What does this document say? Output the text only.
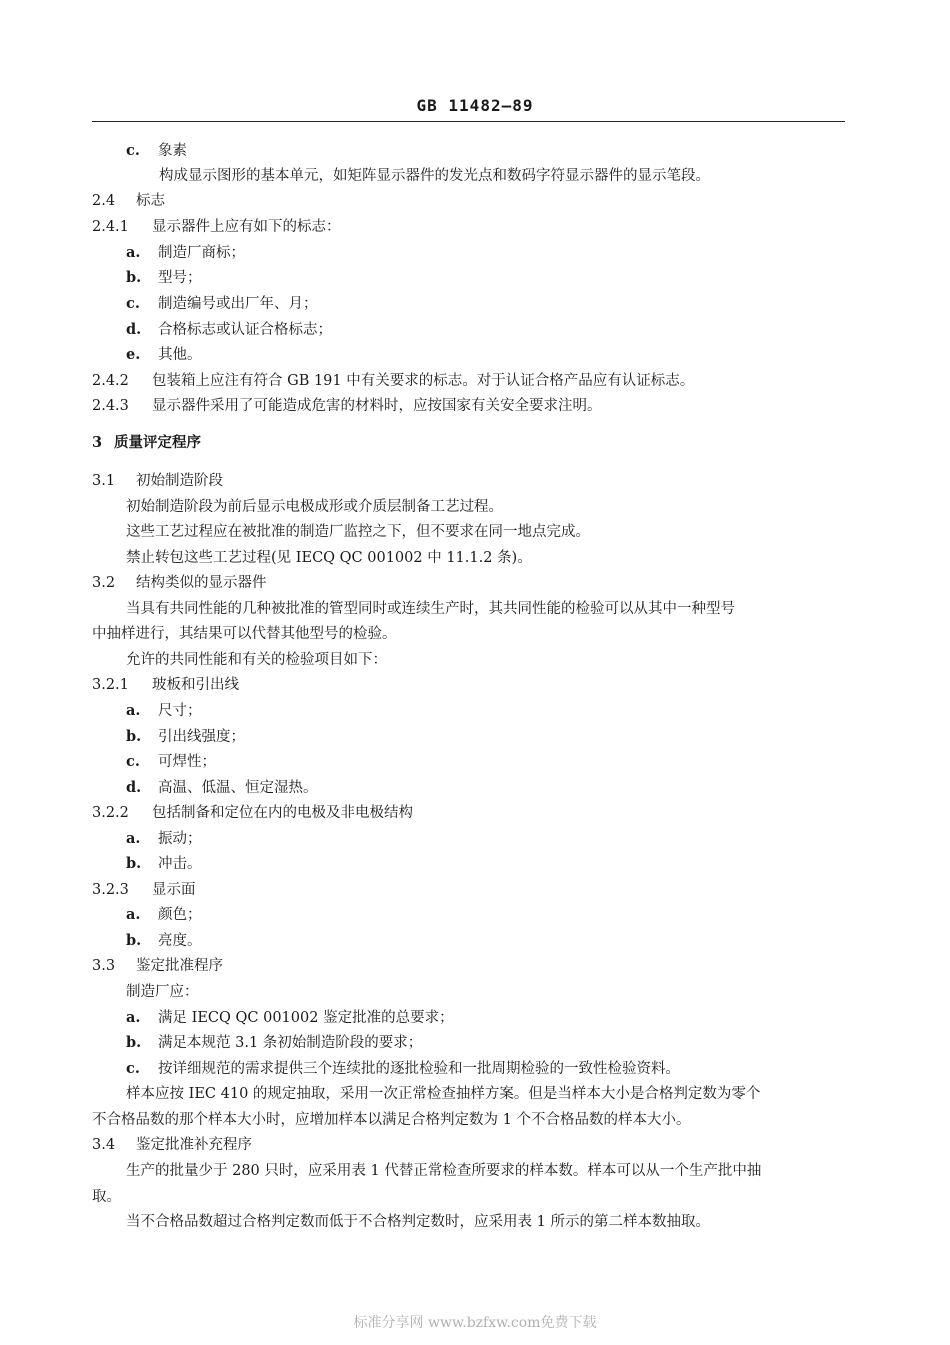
GB 11482—89
c. 象素
构成显示图形的基本单元，如矩阵显示器件的发光点和数码字符显示器件的显示笔段。
2.4 标志
2.4.1 显示器件上应有如下的标志：
a. 制造厂商标；
b. 型号；
c. 制造编号或出厂年、月；
d. 合格标志或认证合格标志；
e. 其他。
2.4.2 包装箱上应注有符合 GB 191 中有关要求的标志。对于认证合格产品应有认证标志。
2.4.3 显示器件采用了可能造成危害的材料时，应按国家有关安全要求注明。
3 质量评定程序
3.1 初始制造阶段
初始制造阶段为前后显示电极成形或介质层制备工艺过程。
这些工艺过程应在被批准的制造厂监控之下，但不要求在同一地点完成。
禁止转包这些工艺过程(见 IECQ QC 001002 中 11.1.2 条)。
3.2 结构类似的显示器件
当具有共同性能的几种被批准的管型同时或连续生产时，其共同性能的检验可以从其中一种型号
中抽样进行，其结果可以代替其他型号的检验。
允许的共同性能和有关的检验项目如下：
3.2.1 玻板和引出线
a. 尺寸；
b. 引出线强度；
c. 可焊性；
d. 高温、低温、恒定湿热。
3.2.2 包括制备和定位在内的电极及非电极结构
a. 振动；
b. 冲击。
3.2.3 显示面
a. 颜色；
b. 亮度。
3.3 鉴定批准程序
制造厂应：
a. 满足 IECQ QC 001002 鉴定批准的总要求；
b. 满足本规范 3.1 条初始制造阶段的要求；
c. 按详细规范的需求提供三个连续批的逐批检验和一批周期检验的一致性检验资料。
样本应按 IEC 410 的规定抽取，采用一次正常检查抽样方案。但是当样本大小是合格判定数为零个
不合格品数的那个样本大小时，应增加样本以满足合格判定数为 1 个不合格品数的样本大小。
3.4 鉴定批准补充程序
生产的批量少于 280 只时，应采用表 1 代替正常检查所要求的样本数。样本可以从一个生产批中抽
取。
当不合格品数超过合格判定数而低于不合格判定数时，应采用表 1 所示的第二样本数抽取。
标准分享网 www.bzfxw.com免费下载
